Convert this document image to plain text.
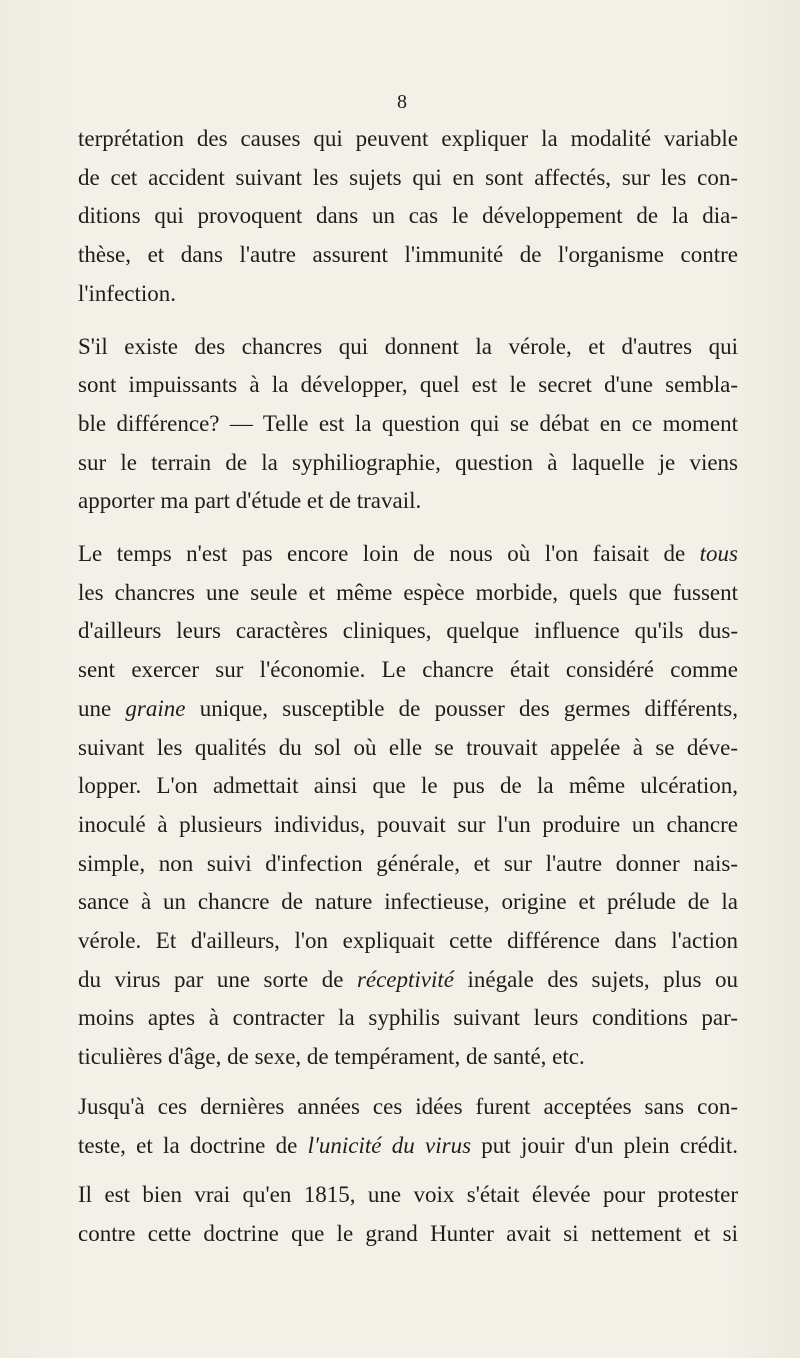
8

terprétation des causes qui peuvent expliquer la modalité variable
de cet accident suivant les sujets qui en sont affectés, sur les con-
ditions qui provoquent dans un cas le développement de la dia-
thèse, et dans l'autre assurent l'immunité de l'organisme contre
l'infection.

S'il existe des chancres qui donnent la vérole, et d'autres qui
sont impuissants à la développer, quel est le secret d'une sembla-
ble différence? — Telle est la question qui se débat en ce moment
sur le terrain de la syphiliographie, question à laquelle je viens
apporter ma part d'étude et de travail.

Le temps n'est pas encore loin de nous où l'on faisait de tous
les chancres une seule et même espèce morbide, quels que fussent
d'ailleurs leurs caractères cliniques, quelque influence qu'ils dus-
sent exercer sur l'économie. Le chancre était considéré comme
une graine unique, susceptible de pousser des germes différents,
suivant les qualités du sol où elle se trouvait appelée à se déve-
lopper. L'on admettait ainsi que le pus de la même ulcération,
inoculé à plusieurs individus, pouvait sur l'un produire un chancre
simple, non suivi d'infection générale, et sur l'autre donner nais-
sance à un chancre de nature infectieuse, origine et prélude de la
vérole. Et d'ailleurs, l'on expliquait cette différence dans l'action
du virus par une sorte de réceptivité inégale des sujets, plus ou
moins aptes à contracter la syphilis suivant leurs conditions par-
ticulières d'âge, de sexe, de tempérament, de santé, etc.

Jusqu'à ces dernières années ces idées furent acceptées sans con-
teste, et la doctrine de l'unicité du virus put jouir d'un plein crédit.

Il est bien vrai qu'en 1815, une voix s'était élevée pour protester
contre cette doctrine que le grand Hunter avait si nettement et si
